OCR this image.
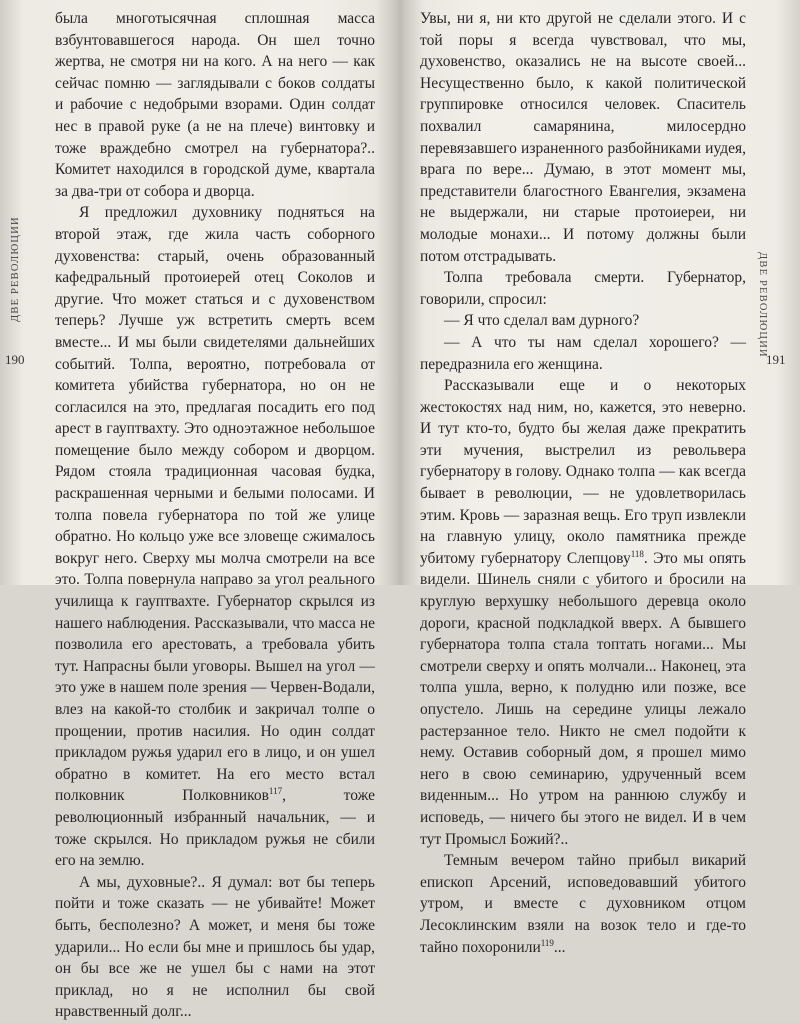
ДВЕ РЕВОЛЮЦИИ
190

была многотысячная сплошная масса взбунтовавшегося народа. Он шел точно жертва, не смотря ни на кого. А на него — как сейчас помню — заглядывали с боков солдаты и рабочие с недобрыми взорами. Один солдат нес в правой руке (а не на плече) винтовку и тоже враждебно смотрел на губернатора?.. Комитет находился в городской думе, квартала за два-три от собора и дворца.

Я предложил духовнику подняться на второй этаж, где жила часть соборного духовенства: старый, очень образованный кафедральный протоиерей отец Соколов и другие. Что может статься и с духовенством теперь? Лучше уж встретить смерть всем вместе... И мы были свидетелями дальнейших событий. Толпа, вероятно, потребовала от комитета убийства губернатора, но он не согласился на это, предлагая посадить его под арест в гауптвахту. Это одноэтажное небольшое помещение было между собором и дворцом. Рядом стояла традиционная часовая будка, раскрашенная черными и белыми полосами. И толпа повела губернатора по той же улице обратно. Но кольцо уже все зловеще сжималось вокруг него. Сверху мы молча смотрели на все это. Толпа повернула направо за угол реального училища к гауптвахте. Губернатор скрылся из нашего наблюдения. Рассказывали, что масса не позволила его арестовать, а требовала убить тут. Напрасны были уговоры. Вышел на угол — это уже в нашем поле зрения — Червен-Водали, влез на какой-то столбик и закричал толпе о прощении, против насилия. Но один солдат прикладом ружья ударил его в лицо, и он ушел обратно в комитет. На его место встал полковник Полковников$^{117}$, тоже революционный избранный начальник, — и тоже скрылся. Но прикладом ружья не сбили его на землю.

А мы, духовные?.. Я думал: вот бы теперь пойти и тоже сказать — не убивайте! Может быть, бесполезно? А может, и меня бы тоже ударили... Но если бы мне и пришлось бы удар, он бы все же не ушел бы с нами на этот приклад, но я не исполнил бы свой нравственный долг...

ДВЕ РЕВОЛЮЦИИ
191

Увы, ни я, ни кто другой не сделали этого. И с той поры я всегда чувствовал, что мы, духовенство, оказались не на высоте своей... Несущественно было, к какой политической группировке относился человек. Спаситель похвалил самарянина, милосердно перевязавшего израненного разбойниками иудея, врага по вере... Думаю, в этот момент мы, представители благостного Евангелия, экзамена не выдержали, ни старые протоиереи, ни молодые монахи... И потому должны были потом отстрадывать.

Толпа требовала смерти. Губернатор, говорили, спросил:

— Я что сделал вам дурного?

— А что ты нам сделал хорошего? — передразнила его женщина.

Рассказывали еще и о некоторых жестокостях над ним, но, кажется, это неверно. И тут кто-то, будто бы желая даже прекратить эти мучения, выстрелил из револьвера губернатору в голову. Однако толпа — как всегда бывает в революции, — не удовлетворилась этим. Кровь — заразная вещь. Его труп извлекли на главную улицу, около памятника прежде убитому губернатору Слепцову$^{118}$. Это мы опять видели. Шинель сняли с убитого и бросили на круглую верхушку небольшого деревца около дороги, красной подкладкой вверх. А бывшего губернатора толпа стала топтать ногами... Мы смотрели сверху и опять молчали... Наконец, эта толпа ушла, верно, к полудню или позже, все опустело. Лишь на середине улицы лежало растерзанное тело. Никто не смел подойти к нему. Оставив соборный дом, я прошел мимо него в свою семинарию, удрученный всем виденным... Но утром на раннюю службу и исповедь, — ничего бы этого не видел. И в чем тут Промысл Божий?..

Темным вечером тайно прибыл викарий епископ Арсений, исповедовавший убитого утром, и вместе с духовником отцом Лесоклинским взяли на возок тело и где-то тайно похоронили$^{119}$...
